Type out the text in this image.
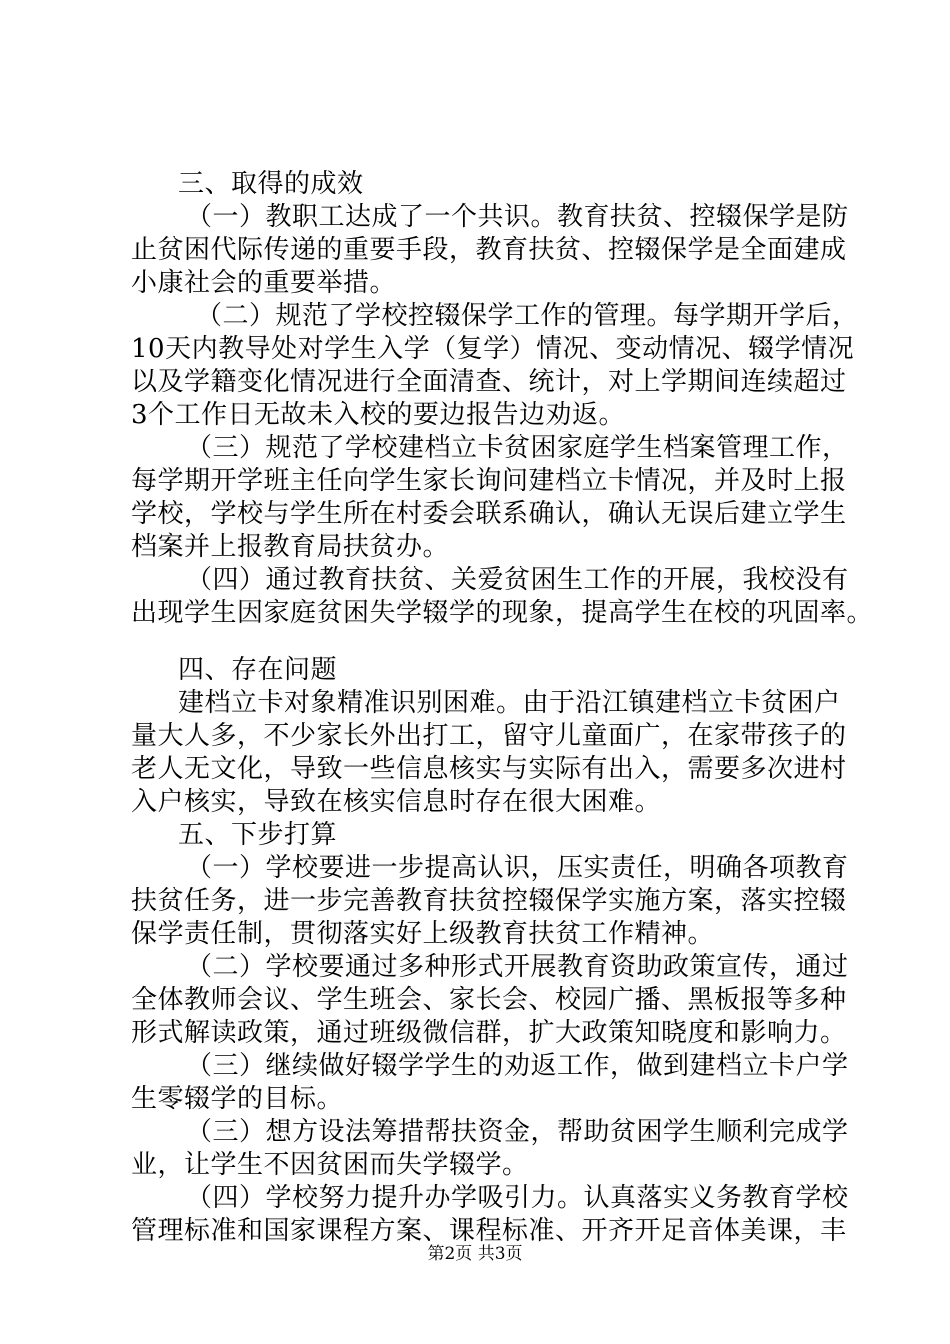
三、取得的成效
（一）教职工达成了一个共识。教育扶贫、控辍保学是防
止贫困代际传递的重要手段，教育扶贫、控辍保学是全面建成
小康社会的重要举措。
（二）规范了学校控辍保学工作的管理。每学期开学后，
10天内教导处对学生入学（复学）情况、变动情况、辍学情况
以及学籍变化情况进行全面清查、统计，对上学期间连续超过
3个工作日无故未入校的要边报告边劝返。
（三）规范了学校建档立卡贫困家庭学生档案管理工作，
每学期开学班主任向学生家长询问建档立卡情况，并及时上报
学校，学校与学生所在村委会联系确认，确认无误后建立学生
档案并上报教育局扶贫办。
（四）通过教育扶贫、关爱贫困生工作的开展，我校没有
出现学生因家庭贫困失学辍学的现象，提高学生在校的巩固率。
四、存在问题
建档立卡对象精准识别困难。由于沿江镇建档立卡贫困户
量大人多，不少家长外出打工，留守儿童面广，在家带孩子的
老人无文化，导致一些信息核实与实际有出入，需要多次进村
入户核实，导致在核实信息时存在很大困难。
五、下步打算
（一）学校要进一步提高认识，压实责任，明确各项教育
扶贫任务，进一步完善教育扶贫控辍保学实施方案，落实控辍
保学责任制，贯彻落实好上级教育扶贫工作精神。
（二）学校要通过多种形式开展教育资助政策宣传，通过
全体教师会议、学生班会、家长会、校园广播、黑板报等多种
形式解读政策，通过班级微信群，扩大政策知晓度和影响力。
（三）继续做好辍学学生的劝返工作，做到建档立卡户学
生零辍学的目标。
（三）想方设法筹措帮扶资金，帮助贫困学生顺利完成学
业，让学生不因贫困而失学辍学。
（四）学校努力提升办学吸引力。认真落实义务教育学校
管理标准和国家课程方案、课程标准、开齐开足音体美课，丰
第2页 共3页
